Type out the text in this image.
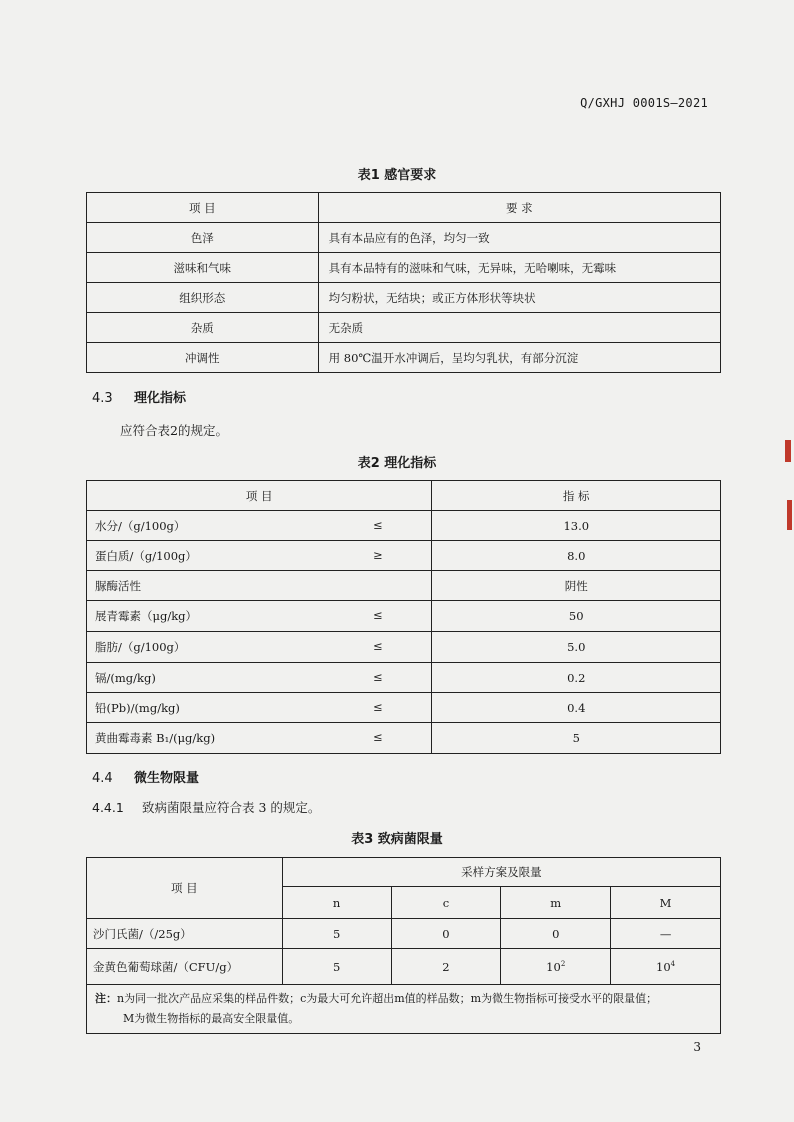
Q/GXHJ 0001S—2021
表1 感官要求
项 目	要 求
色泽	具有本品应有的色泽，均匀一致
滋味和气味	具有本品特有的滋味和气味，无异味，无哈喇味，无霉味
组织形态	均匀粉状，无结块；或正方体形状等块状
杂质	无杂质
冲调性	用 80℃温开水冲调后，呈均匀乳状，有部分沉淀
4.3 理化指标
应符合表2的规定。
表2 理化指标
项 目	指 标
水分/（g/100g） ≤	13.0
蛋白质/（g/100g） ≥	8.0
脲酶活性	阴性
展青霉素（μg/kg） ≤	50
脂肪/（g/100g） ≤	5.0
镉/(mg/kg) ≤	0.2
铅(Pb)/(mg/kg) ≤	0.4
黄曲霉毒素 B₁/(μg/kg) ≤	5
4.4 微生物限量
4.4.1 致病菌限量应符合表 3 的规定。
表3 致病菌限量
项 目	采样方案及限量			
	n	c	m	M
沙门氏菌/（/25g）	5	0	0	—
金黄色葡萄球菌/（CFU/g）	5	2	$10^2$	$10^4$

注：n为同一批次产品应采集的样品件数；c为最大可允许超出m值的样品数；m为微生物指标可接受水平的限量值；
M为微生物指标的最高安全限量值。				
3
